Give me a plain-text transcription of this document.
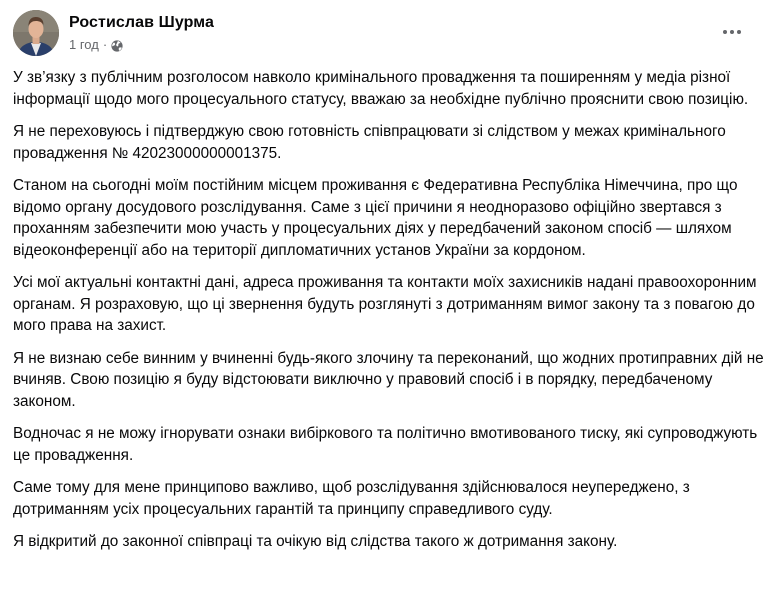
Ростислав Шурма
1 год ·

У зв’язку з публічним розголосом навколо кримінального провадження та поширенням у медіа різної інформації щодо мого процесуального статусу, вважаю за необхідне публічно прояснити свою позицію.

Я не переховуюсь і підтверджую свою готовність співпрацювати зі слідством у межах кримінального провадження № 42023000000001375.

Станом на сьогодні моїм постійним місцем проживання є Федеративна Республіка Німеччина, про що відомо органу досудового розслідування. Саме з цієї причини я неодноразово офіційно звертався з проханням забезпечити мою участь у процесуальних діях у передбачений законом спосіб — шляхом відеоконференції або на території дипломатичних установ України за кордоном.

Усі мої актуальні контактні дані, адреса проживання та контакти моїх захисників надані правоохоронним органам. Я розраховую, що ці звернення будуть розглянуті з дотриманням вимог закону та з повагою до мого права на захист.

Я не визнаю себе винним у вчиненні будь-якого злочину та переконаний, що жодних протиправних дій не вчиняв. Свою позицію я буду відстоювати виключно у правовий спосіб і в порядку, передбаченому законом.

Водночас я не можу ігнорувати ознаки вибіркового та політично вмотивованого тиску, які супроводжують це провадження.

Саме тому для мене принципово важливо, щоб розслідування здійснювалося неупереджено, з дотриманням усіх процесуальних гарантій та принципу справедливого суду.

Я відкритий до законної співпраці та очікую від слідства такого ж дотримання закону.
